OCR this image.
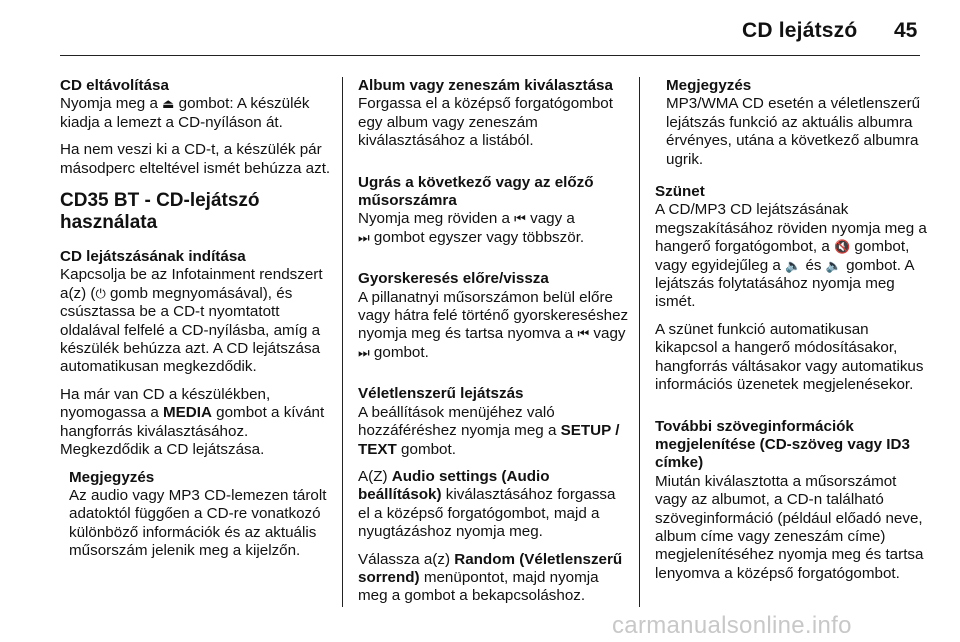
CD lejátszó 45
CD eltávolítása

Nyomja meg a ⏏ gombot: A készülék kiadja a lemezt a CD-nyíláson át.

Ha nem veszi ki a CD-t, a készülék pár másodperc elteltével ismét behúzza azt.

CD35 BT - CD-lejátszó használata
CD lejátszásának indítása

Kapcsolja be az Infotainment rendszert a(z) (⏻ gomb megnyomásával), és csúsztassa be a CD-t nyomtatott oldalával felfelé a CD-nyílásba, amíg a készülék behúzza azt. A CD lejátszása automatikusan megkezdődik.

Ha már van CD a készülékben, nyomogassa a MEDIA gombot a kívánt hangforrás kiválasztásához. Megkezdődik a CD lejátszása.

Megjegyzés
Az audio vagy MP3 CD-lemezen tárolt adatoktól függően a CD-re vonatkozó különböző információk és az aktuális műsorszám jelenik meg a kijelzőn.
Album vagy zeneszám kiválasztása

Forgassa el a középső forgatógombot egy album vagy zeneszám kiválasztásához a listából.

Ugrás a következő vagy az előző műsorszámra

Nyomja meg röviden a ⏮ vagy a
⏭ gombot egyszer vagy többször.

Gyorskeresés előre/vissza

A pillanatnyi műsorszámon belül előre vagy hátra felé történő gyorskereséshez nyomja meg és tartsa nyomva a ⏮ vagy ⏭ gombot.

Véletlenszerű lejátszás

A beállítások menüjéhez való hozzáféréshez nyomja meg a SETUP / TEXT gombot.

A(Z) Audio settings (Audio beállítások) kiválasztásához forgassa el a középső forgatógombot, majd a nyugtázáshoz nyomja meg.

Válassza a(z) Random (Véletlenszerű sorrend) menüpontot, majd nyomja meg a gombot a bekapcsoláshoz.

Megjegyzés
MP3/WMA CD esetén a véletlenszerű lejátszás funkció az aktuális albumra érvényes, utána a következő albumra ugrik.
Szünet

A CD/MP3 CD lejátszásának megszakításához röviden nyomja meg a hangerő forgatógombot, a 🔇 gombot, vagy egyidejűleg a 🔈 és 🔈 gombot. A lejátszás folytatásához nyomja meg ismét.

A szünet funkció automatikusan kikapcsol a hangerő módosításakor, hangforrás váltásakor vagy automatikus információs üzenetek megjelenésekor.

További szöveginformációk megjelenítése (CD-szöveg vagy ID3 címke)

Miután kiválasztotta a műsorszámot vagy az albumot, a CD-n található szöveginformáció (például előadó neve, album címe vagy zeneszám címe) megjelenítéséhez nyomja meg és tartsa lenyomva a középső forgatógombot.

carmanualsonline.info
